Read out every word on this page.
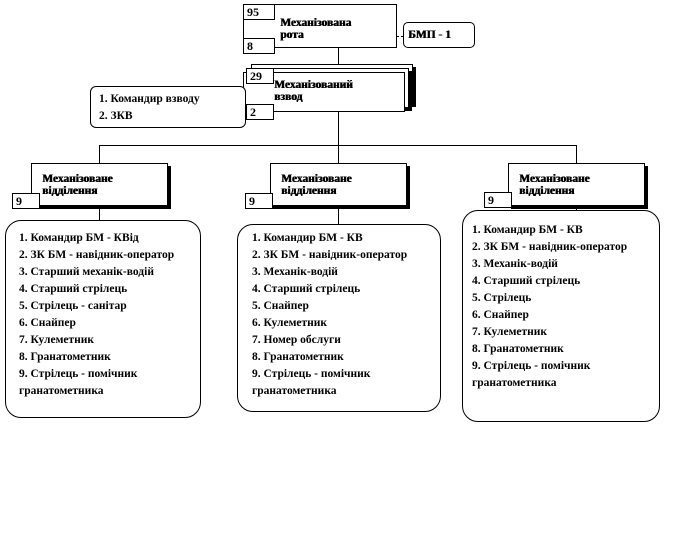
Механізована рота
95
8
БМП - 1
Механізований взвод
29
2
1. Командир взводу
2. ЗКВ
Механізоване відділення
9
1. Командир БМ - КВід
2. ЗК БМ - навідник-оператор
3. Старший механік-водій
4. Старший стрілець
5. Стрілець - санітар
6. Снайпер
7. Кулеметник
8. Гранатометник
9. Стрілець - помічник гранатометника
Механізоване відділення
9
1. Командир БМ - КВ
2. ЗК БМ - навідник-оператор
3. Механік-водій
4. Старший стрілець
5. Снайпер
6. Кулеметник
7. Номер обслуги
8. Гранатометник
9. Стрілець - помічник гранатометника
Механізоване відділення
9
1. Командир БМ - КВ
2. ЗК БМ - навідник-оператор
3. Механік-водій
4. Старший стрілець
5. Стрілець
6. Снайпер
7. Кулеметник
8. Гранатометник
9. Стрілець - помічник гранатометника
